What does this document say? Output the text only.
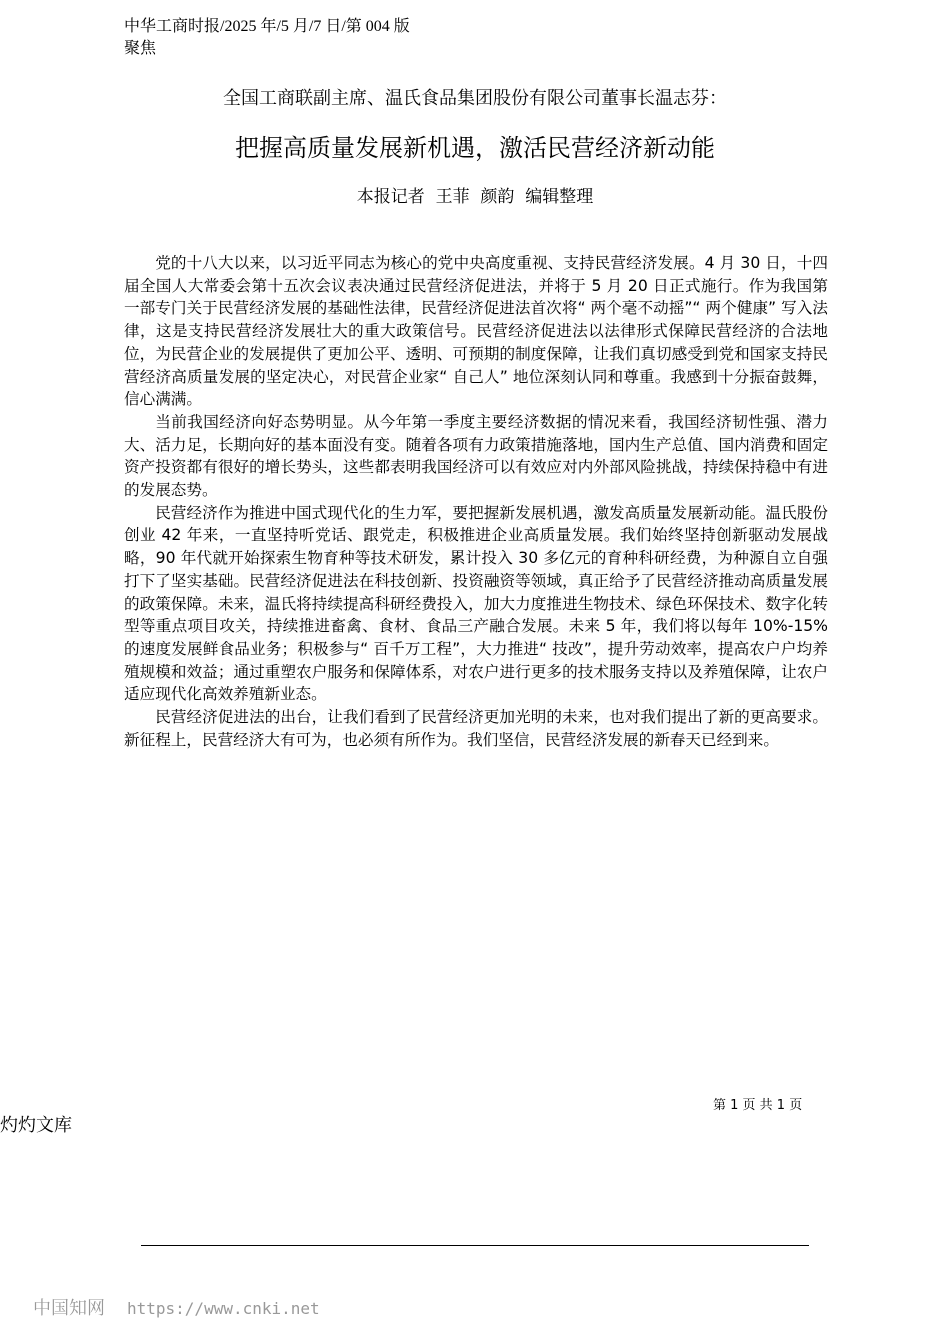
中华工商时报/2025 年/5 月/7 日/第 004 版聚焦
全国工商联副主席、温氏食品集团股份有限公司董事长温志芬：
把握高质量发展新机遇，激活民营经济新动能
本报记者  王菲  颜韵  编辑整理

党的十八大以来，以习近平同志为核心的党中央高度重视、支持民营经济发展。4 月 30 日，十四届全国人大常委会第十五次会议表决通过民营经济促进法，并将于 5 月 20 日正式施行。作为我国第一部专门关于民营经济发展的基础性法律，民营经济促进法首次将“ 两个毫不动摇”“ 两个健康” 写入法律，这是支持民营经济发展壮大的重大政策信号。民营经济促进法以法律形式保障民营经济的合法地位，为民营企业的发展提供了更加公平、透明、可预期的制度保障，让我们真切感受到党和国家支持民营经济高质量发展的坚定决心，对民营企业家“ 自己人” 地位深刻认同和尊重。我感到十分振奋鼓舞，信心满满。

当前我国经济向好态势明显。从今年第一季度主要经济数据的情况来看，我国经济韧性强、潜力大、活力足，长期向好的基本面没有变。随着各项有力政策措施落地，国内生产总值、国内消费和固定资产投资都有很好的增长势头，这些都表明我国经济可以有效应对内外部风险挑战，持续保持稳中有进的发展态势。

民营经济作为推进中国式现代化的生力军，要把握新发展机遇，激发高质量发展新动能。温氏股份创业 42 年来，一直坚持听党话、跟党走，积极推进企业高质量发展。我们始终坚持创新驱动发展战略，90 年代就开始探索生物育种等技术研发，累计投入 30 多亿元的育种科研经费，为种源自立自强打下了坚实基础。民营经济促进法在科技创新、投资融资等领域，真正给予了民营经济推动高质量发展的政策保障。未来，温氏将持续提高科研经费投入，加大力度推进生物技术、绿色环保技术、数字化转型等重点项目攻关，持续推进畜禽、食材、食品三产融合发展。未来 5 年，我们将以每年 10%-15%的速度发展鲜食品业务；积极参与“ 百千万工程”，大力推进“ 技改”，提升劳动效率，提高农户户均养殖规模和效益；通过重塑农户服务和保障体系，对农户进行更多的技术服务支持以及养殖保障，让农户适应现代化高效养殖新业态。

民营经济促进法的出台，让我们看到了民营经济更加光明的未来，也对我们提出了新的更高要求。新征程上，民营经济大有可为，也必须有所作为。我们坚信，民营经济发展的新春天已经到来。

第 1 页 共 1 页
灼灼文库
中国知网 https://www.cnki.net
